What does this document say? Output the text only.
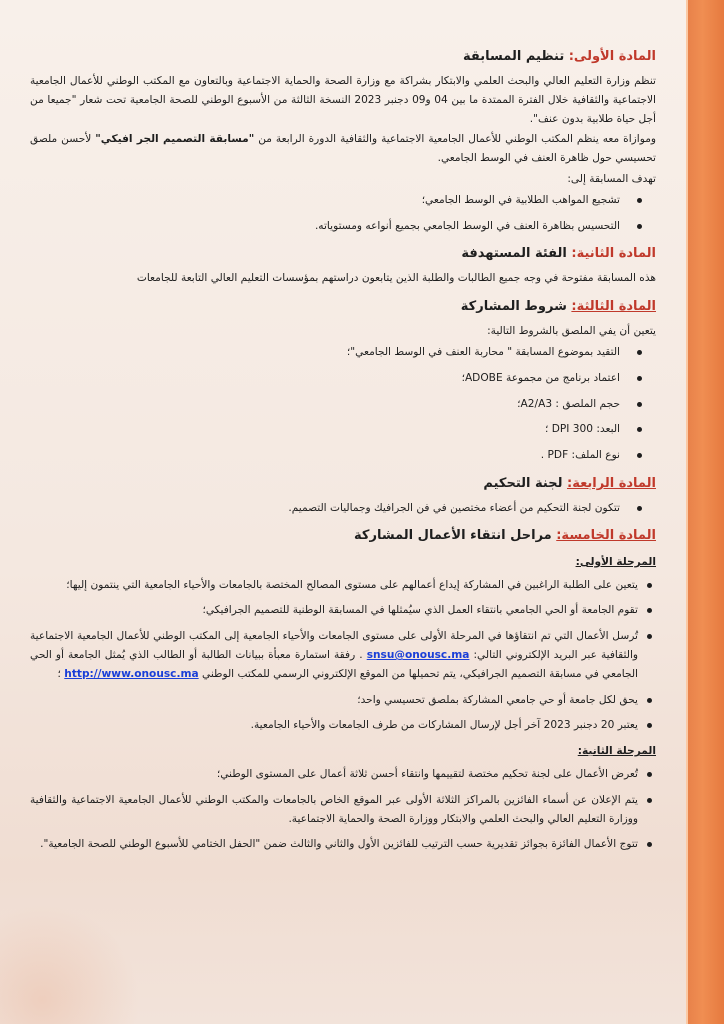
المادة الأولى: تنظيم المسابقة

تنظم وزارة التعليم العالي والبحث العلمي والابتكار بشراكة مع وزارة الصحة والحماية الاجتماعية وبالتعاون مع المكتب الوطني للأعمال الجامعية الاجتماعية والثقافية خلال الفترة الممتدة ما بين 04 و09 دجنبر 2023 النسخة الثالثة من الأسبوع الوطني للصحة الجامعية تحت شعار "جميعا من أجل حياة طلابية بدون عنف".

وموازاة معه ينظم المكتب الوطني للأعمال الجامعية الاجتماعية والثقافية الدورة الرابعة من "مسابقة التصميم الجر افيكي" لأحسن ملصق تحسيسي حول ظاهرة العنف في الوسط الجامعي.

تهدف المسابقة إلى:

تشجيع المواهب الطلابية في الوسط الجامعي؛
التحسيس بظاهرة العنف في الوسط الجامعي بجميع أنواعه ومستوياته.
المادة الثانية: الفئة المستهدفة

هذه المسابقة مفتوحة في وجه جميع الطالبات والطلبة الذين يتابعون دراستهم بمؤسسات التعليم العالي التابعة للجامعات

المادة الثالثة: شروط المشاركة

يتعين أن يفي الملصق بالشروط التالية:

التقيد بموضوع المسابقة " محاربة العنف في الوسط الجامعي"؛
اعتماد برنامج من مجموعة ADOBE؛
حجم الملصق : A2/A3؛
البعد: 300 DPI ؛
نوع الملف: PDF .
المادة الرابعة: لجنة التحكيم
تتكون لجنة التحكيم من أعضاء مختصين في فن الجرافيك وجماليات التصميم.
المادة الخامسة: مراحل انتقاء الأعمال المشاركة
المرحلة الأولى:
يتعين على الطلبة الراغبين في المشاركة إيداع أعمالهم على مستوى المصالح المختصة بالجامعات والأحياء الجامعية التي ينتمون إليها؛
تقوم الجامعة أو الحي الجامعي بانتقاء العمل الذي سيُمثلها في المسابقة الوطنية للتصميم الجرافيكي؛
تُرسل الأعمال التي تم انتقاؤها في المرحلة الأولى على مستوى الجامعات والأحياء الجامعية إلى المكتب الوطني للأعمال الجامعية الاجتماعية والثقافية عبر البريد الإلكتروني التالي: snsu@onousc.ma . رفقة استمارة معبأة ببيانات الطالبة أو الطالب الذي يُمثل الجامعة أو الحي الجامعي في مسابقة التصميم الجرافيكي، يتم تحميلها من الموقع الإلكتروني الرسمي للمكتب الوطني http://www.onousc.ma ؛
يحق لكل جامعة أو حي جامعي المشاركة بملصق تحسيسي واحد؛
يعتبر 20 دجنبر 2023 آخر أجل لإرسال المشاركات من طرف الجامعات والأحياء الجامعية.
المرحلة الثانية:
تُعرض الأعمال على لجنة تحكيم مختصة لتقييمها وانتقاء أحسن ثلاثة أعمال على المستوى الوطني؛
يتم الإعلان عن أسماء الفائزين بالمراكز الثلاثة الأولى عبر الموقع الخاص بالجامعات والمكتب الوطني للأعمال الجامعية الاجتماعية والثقافية ووزارة التعليم العالي والبحث العلمي والابتكار ووزارة الصحة والحماية الاجتماعية.
تتوج الأعمال الفائزة بجوائز تقديرية حسب الترتيب للفائزين الأول والثاني والثالث ضمن "الحفل الختامي للأسبوع الوطني للصحة الجامعية".
